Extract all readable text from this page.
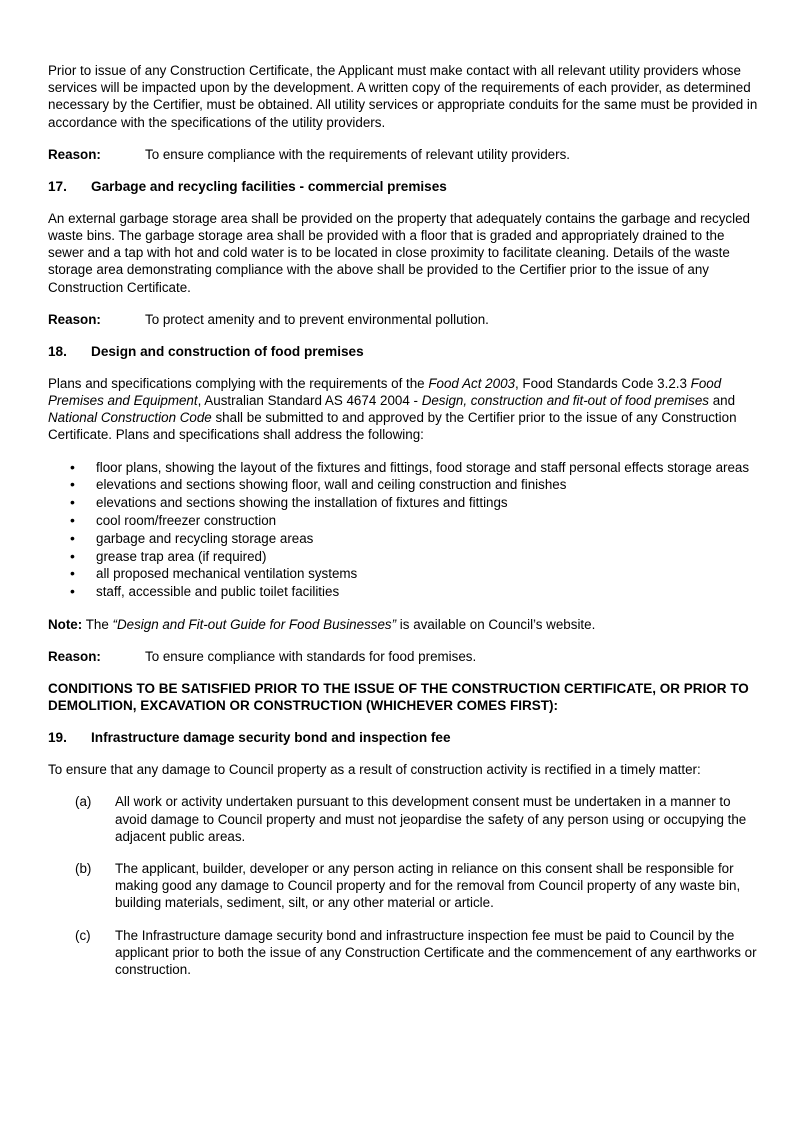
Prior to issue of any Construction Certificate, the Applicant must make contact with all relevant utility providers whose services will be impacted upon by the development. A written copy of the requirements of each provider, as determined necessary by the Certifier, must be obtained. All utility services or appropriate conduits for the same must be provided in accordance with the specifications of the utility providers.

Reason:	To ensure compliance with the requirements of relevant utility providers.
17.	Garbage and recycling facilities - commercial premises

An external garbage storage area shall be provided on the property that adequately contains the garbage and recycled waste bins. The garbage storage area shall be provided with a floor that is graded and appropriately drained to the sewer and a tap with hot and cold water is to be located in close proximity to facilitate cleaning. Details of the waste storage area demonstrating compliance with the above shall be provided to the Certifier prior to the issue of any Construction Certificate.

Reason:	To protect amenity and to prevent environmental pollution.
18.	Design and construction of food premises

Plans and specifications complying with the requirements of the Food Act 2003, Food Standards Code 3.2.3 Food Premises and Equipment, Australian Standard AS 4674 2004 - Design, construction and fit-out of food premises and National Construction Code shall be submitted to and approved by the Certifier prior to the issue of any Construction Certificate. Plans and specifications shall address the following:

• floor plans, showing the layout of the fixtures and fittings, food storage and staff personal effects storage areas
• elevations and sections showing floor, wall and ceiling construction and finishes
• elevations and sections showing the installation of fixtures and fittings
• cool room/freezer construction
• garbage and recycling storage areas
• grease trap area (if required)
• all proposed mechanical ventilation systems
• staff, accessible and public toilet facilities

Note: The “Design and Fit-out Guide for Food Businesses” is available on Council’s website.

Reason:	To ensure compliance with standards for food premises.

CONDITIONS TO BE SATISFIED PRIOR TO THE ISSUE OF THE CONSTRUCTION CERTIFICATE, OR PRIOR TO DEMOLITION, EXCAVATION OR CONSTRUCTION (WHICHEVER COMES FIRST):

19.	Infrastructure damage security bond and inspection fee

To ensure that any damage to Council property as a result of construction activity is rectified in a timely matter:

(a)	All work or activity undertaken pursuant to this development consent must be undertaken in a manner to avoid damage to Council property and must not jeopardise the safety of any person using or occupying the adjacent public areas.
(b)	The applicant, builder, developer or any person acting in reliance on this consent shall be responsible for making good any damage to Council property and for the removal from Council property of any waste bin, building materials, sediment, silt, or any other material or article.
(c)	The Infrastructure damage security bond and infrastructure inspection fee must be paid to Council by the applicant prior to both the issue of any Construction Certificate and the commencement of any earthworks or construction.
